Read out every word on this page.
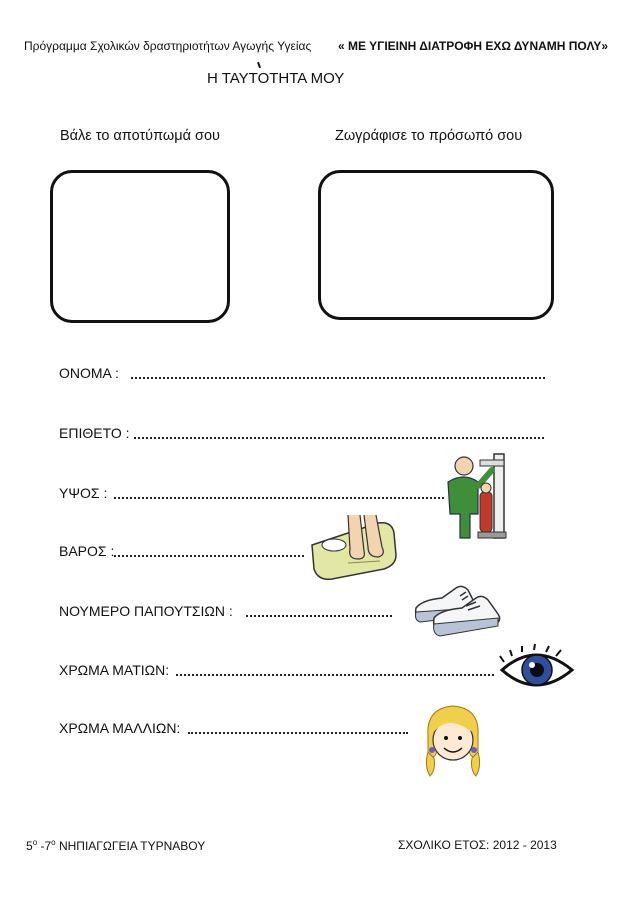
Πρόγραμμα Σχολικών δραστηριοτήτων Αγωγής Υγείας « ΜΕ ΥΓΙΕΙΝΗ ΔΙΑΤΡΟΦΗ ΕΧΩ ΔΥΝΑΜΗ ΠΟΛΥ»
Η ΤΑΥΤΟΤΗΤΑ ΜΟΥ
Βάλε το αποτύπωμά σου	Ζωγράφισε το πρόσωπό σου
ΟΝΟΜΑ :
ΕΠΙΘΕΤΟ :
ΥΨΟΣ :
ΒΑΡΟΣ :
ΝΟΥΜΕΡΟ ΠΑΠΟΥΤΣΙΩΝ :
ΧΡΩΜΑ ΜΑΤΙΩΝ:
ΧΡΩΜΑ ΜΑΛΛΙΩΝ:
$5^o$ $-7^o$ ΝΗΠΙΑΓΩΓΕΙΑ ΤΥΡΝΑΒΟΥ	ΣΧΟΛΙΚΟ ΕΤΟΣ: 2012 - 2013
